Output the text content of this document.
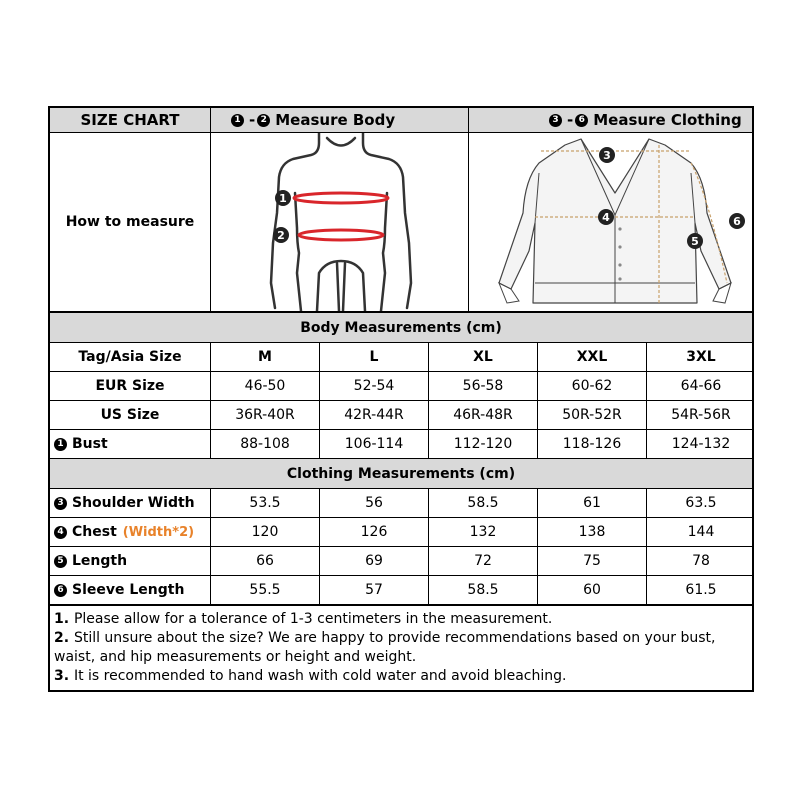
SIZE CHART	1 - 2 Measure Body	3 - 6 Measure Clothing
How to measure
1
2
3
4
5
6
Body Measurements (cm)
Tag/Asia Size	M	L	XL	XXL	3XL
EUR Size	46-50	52-54	56-58	60-62	64-66
US Size	36R-40R	42R-44R	46R-48R	50R-52R	54R-56R
1 Bust	88-108	106-114	112-120	118-126	124-132
Clothing Measurements (cm)
3 Shoulder Width	53.5	56	58.5	61	63.5
4 Chest (Width*2)	120	126	132	138	144
5 Length	66	69	72	75	78
6 Sleeve Length	55.5	57	58.5	60	61.5
1. Please allow for a tolerance of 1-3 centimeters in the measurement.
2. Still unsure about the size? We are happy to provide recommendations based on your bust, waist, and hip measurements or height and weight.
3. It is recommended to hand wash with cold water and avoid bleaching.
